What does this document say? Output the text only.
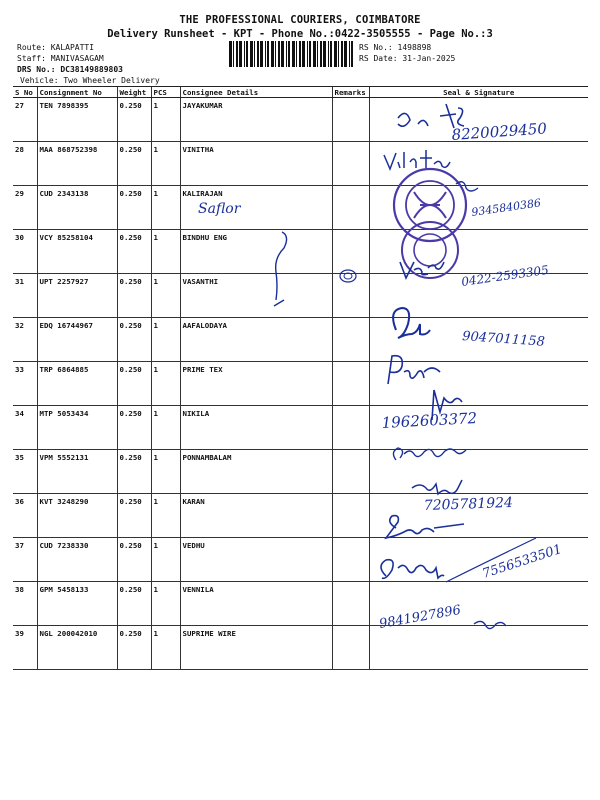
THE PROFESSIONAL COURIERS, COIMBATORE
Delivery Runsheet - KPT - Phone No.:0422-3505555 - Page No.:3
Route: KALAPATTI
Staff: MANIVASAGAM
DRS No.: DC38149889803
Vehicle: Two Wheeler Delivery
RS No.: 1498898
RS Date: 31-Jan-2025
S No	Consignment No	Weight	PCS	Consignee Details	Remarks	Seal & Signature
27	TEN 7898395	0.250	1	JAYAKUMAR		
28	MAA 868752398	0.250	1	VINITHA		
29	CUD 2343138	0.250	1	KALIRAJAN		
30	VCY 85258104	0.250	1	BINDHU ENG		
31	UPT 2257927	0.250	1	VASANTHI		
32	EDQ 16744967	0.250	1	AAFALODAYA		
33	TRP 6864885	0.250	1	PRIME TEX		
34	MTP 5053434	0.250	1	NIKILA		
35	VPM 5552131	0.250	1	PONNAMBALAM		
36	KVT 3248290	0.250	1	KARAN		
37	CUD 7238330	0.250	1	VEDHU		
38	GPM 5458133	0.250	1	VENNILA		
39	NGL 200042010	0.250	1	SUPRIME WIRE		
8220029450
Saflor	9345840386
0422-2593305
9047011158
1962603372
7205781924
7556533501
9841927896
